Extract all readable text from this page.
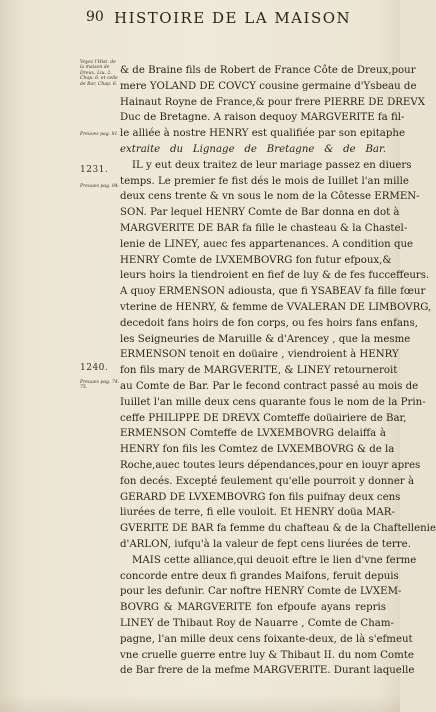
90 HISTOIRE DE LA MAISON
Voyez l'Hist. de la maison de Dreux, Liu. 2. Chap. 6. et celle de Bar, Chap. 6.
Preuves pag. 81.
1231.
Preuues pag. 84.
1240.
Preuues pag. 74. 75.
& de Braine fils de Robert de France Côte de Dreux,pour
mere YOLAND DE COVCY cousine germaine d'Ysbeau de
Hainaut Royne de France,& pour frere PIERRE DE DREVX
Duc de Bretagne. A raison dequoy MARGVERITE fa fil-
le alliée à nostre HENRY est qualifiée par son epitaphe
extraite du Lignage de Bretagne & de Bar.
IL y eut deux traitez de leur mariage passez en diuers
temps. Le premier fe fist dés le mois de Iuillet l'an mille
deux cens trente & vn sous le nom de la Côtesse ERMEN-
SON. Par lequel HENRY Comte de Bar donna en dot à
MARGVERITE DE BAR fa fille le chasteau & la Chastel-
lenie de LINEY, auec fes appartenances. A condition que
HENRY Comte de LVXEMBOVRG fon futur efpoux,&
leurs hoirs la tiendroient en fief de luy & de fes fucceffeurs.
A quoy ERMENSON adiousta, que fi YSABEAV fa fille fœur
vterine de HENRY, & femme de VVALERAN DE LIMBOVRG,
decedoit fans hoirs de fon corps, ou fes hoirs fans enfans,
les Seigneuries de Maruille & d'Arencey , que la mesme
ERMENSON tenoit en doüaire , viendroient à HENRY
fon fils mary de MARGVERITE, & LINEY retourneroit
au Comte de Bar. Par le fecond contract passé au mois de
Iuillet l'an mille deux cens quarante fous le nom de la Prin-
ceffe PHILIPPE DE DREVX Comteffe doüairiere de Bar,
ERMENSON Comteffe de LVXEMBOVRG delaiffa à
HENRY fon fils les Comtez de LVXEMBOVRG & de la
Roche,auec toutes leurs dépendances,pour en iouyr apres
fon decés. Excepté feulement qu'elle pourroit y donner à
GERARD DE LVXEMBOVRG fon fils puifnay deux cens
liurées de terre, fi elle vouloit. Et HENRY doüa MAR-
GVERITE DE BAR fa femme du chafteau & de la Chaftellenie
d'ARLON, iufqu'à la valeur de fept cens liurées de terre.
MAIS cette alliance,qui deuoit eftre le lien d'vne ferme
concorde entre deux fi grandes Maifons, feruit depuis
pour les defunir. Car noftre HENRY Comte de LVXEM-
BOVRG & MARGVERITE fon efpoufe ayans repris
LINEY de Thibaut Roy de Nauarre , Comte de Cham-
pagne, l'an mille deux cens foixante-deux, de là s'efmeut
vne cruelle guerre entre luy & Thibaut II. du nom Comte
de Bar frere de la mefme MARGVERITE. Durant laquelle
